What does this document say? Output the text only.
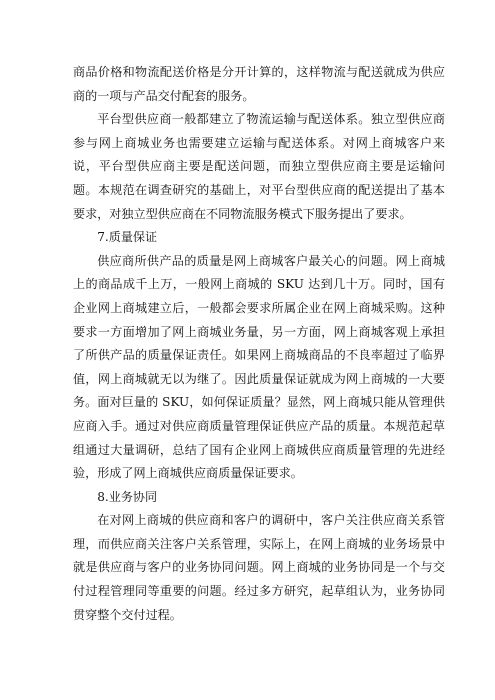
商品价格和物流配送价格是分开计算的，这样物流与配送就成为供应商的一项与产品交付配套的服务。

平台型供应商一般都建立了物流运输与配送体系。独立型供应商参与网上商城业务也需要建立运输与配送体系。对网上商城客户来说，平台型供应商主要是配送问题，而独立型供应商主要是运输问题。本规范在调查研究的基础上，对平台型供应商的配送提出了基本要求，对独立型供应商在不同物流服务模式下服务提出了要求。

7.质量保证

供应商所供产品的质量是网上商城客户最关心的问题。网上商城上的商品成千上万，一般网上商城的 SKU 达到几十万。同时，国有企业网上商城建立后，一般都会要求所属企业在网上商城采购。这种要求一方面增加了网上商城业务量，另一方面，网上商城客观上承担了所供产品的质量保证责任。如果网上商城商品的不良率超过了临界值，网上商城就无以为继了。因此质量保证就成为网上商城的一大要务。面对巨量的 SKU，如何保证质量？显然，网上商城只能从管理供应商入手。通过对供应商质量管理保证供应产品的质量。本规范起草组通过大量调研，总结了国有企业网上商城供应商质量管理的先进经验，形成了网上商城供应商质量保证要求。

8.业务协同

在对网上商城的供应商和客户的调研中，客户关注供应商关系管理，而供应商关注客户关系管理，实际上，在网上商城的业务场景中就是供应商与客户的业务协同问题。网上商城的业务协同是一个与交付过程管理同等重要的问题。经过多方研究，起草组认为，业务协同贯穿整个交付过程。
